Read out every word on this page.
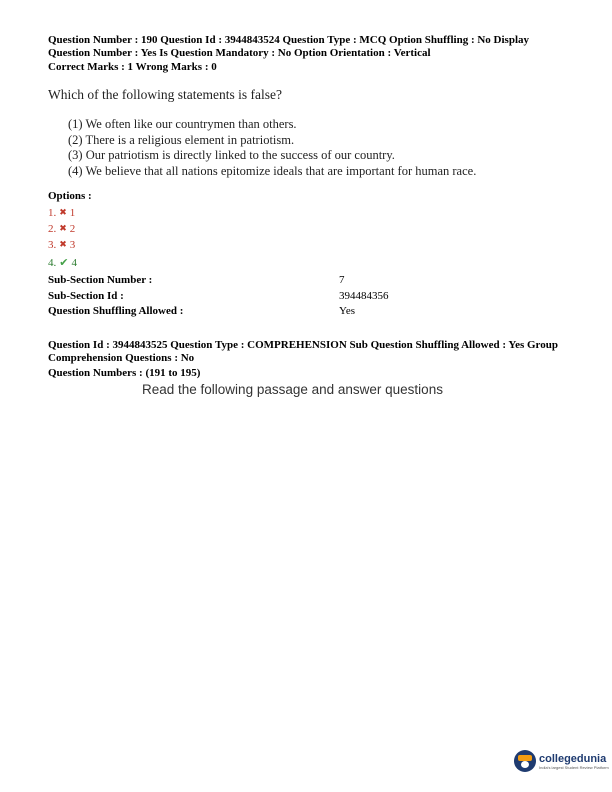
Question Number : 190 Question Id : 3944843524 Question Type : MCQ Option Shuffling : No Display
Question Number : Yes Is Question Mandatory : No Option Orientation : Vertical
Correct Marks : 1 Wrong Marks : 0
Which of the following statements is false?
(1) We often like our countrymen than others.
(2) There is a religious element in patriotism.
(3) Our patriotism is directly linked to the success of our country.
(4) We believe that all nations epitomize ideals that are important for human race.
Options :
1. ✖ 1
2. ✖ 2
3. ✖ 3
4. ✔ 4
Sub-Section Number :	7
Sub-Section Id :	394484356
Question Shuffling Allowed :	Yes
Question Id : 3944843525 Question Type : COMPREHENSION Sub Question Shuffling Allowed : Yes Group
Comprehension Questions : No
Question Numbers : (191 to 195)
Read the following passage and answer questions
collegedunia
India's largest Student Review Platform
